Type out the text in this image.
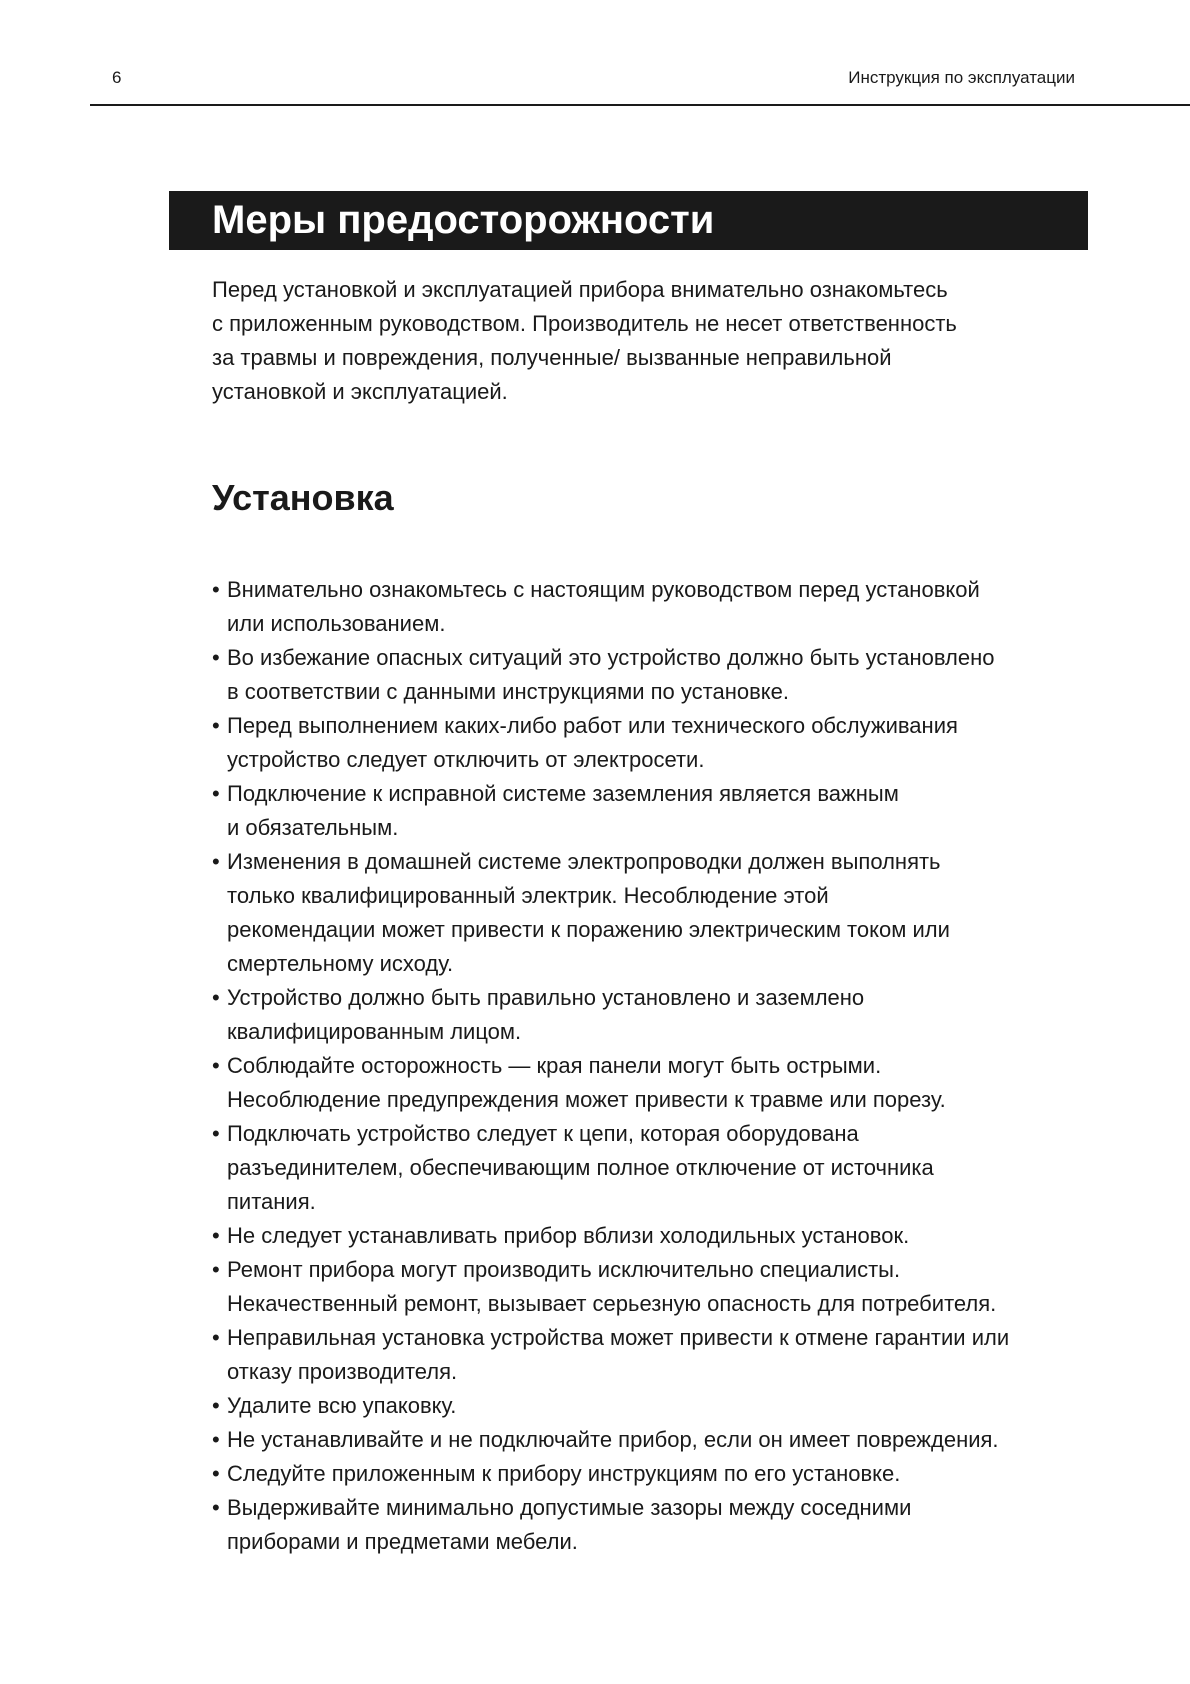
6	Инструкция по эксплуатации
Меры предосторожности

Перед установкой и эксплуатацией прибора внимательно ознакомьтесь
с приложенным руководством. Производитель не несет ответственность
за травмы и повреждения, полученные/ вызванные неправильной
установкой и эксплуатацией.

Установка
• Внимательно ознакомьтесь с настоящим руководством перед установкой
или использованием.
• Во избежание опасных ситуаций это устройство должно быть установлено
в соответствии с данными инструкциями по установке.
• Перед выполнением каких-либо работ или технического обслуживания
устройство следует отключить от электросети.
• Подключение к исправной системе заземления является важным
и обязательным.
• Изменения в домашней системе электропроводки должен выполнять
только квалифицированный электрик. Несоблюдение этой
рекомендации может привести к поражению электрическим током или
смертельному исходу.
• Устройство должно быть правильно установлено и заземлено
квалифицированным лицом.
• Соблюдайте осторожность — края панели могут быть острыми.
Несоблюдение предупреждения может привести к травме или порезу.
• Подключать устройство следует к цепи, которая оборудована
разъединителем, обеспечивающим полное отключение от источника
питания.
• Не следует устанавливать прибор вблизи холодильных установок.
• Ремонт прибора могут производить исключительно специалисты.
Некачественный ремонт, вызывает серьезную опасность для потребителя.
• Неправильная установка устройства может привести к отмене гарантии или
отказу производителя.
• Удалите всю упаковку.
• Не устанавливайте и не подключайте прибор, если он имеет повреждения.
• Следуйте приложенным к прибору инструкциям по его установке.
• Выдерживайте минимально допустимые зазоры между соседними
приборами и предметами мебели.
